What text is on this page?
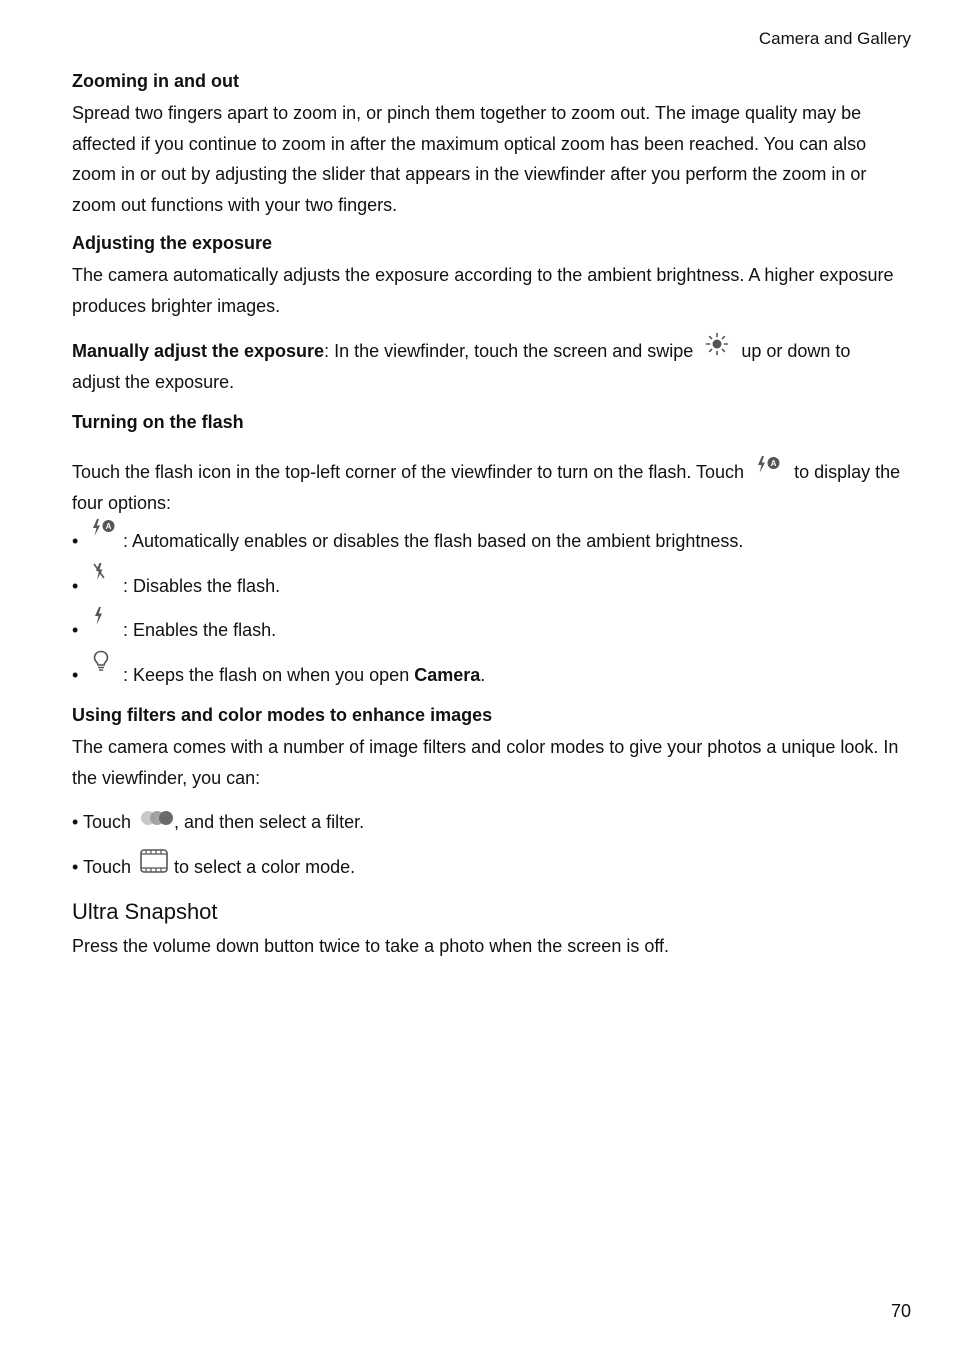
Camera and Gallery
Zooming in and out

Spread two fingers apart to zoom in, or pinch them together to zoom out. The image quality may be affected if you continue to zoom in after the maximum optical zoom has been reached. You can also zoom in or out by adjusting the slider that appears in the viewfinder after you perform the zoom in or zoom out functions with your two fingers.

Adjusting the exposure

The camera automatically adjusts the exposure according to the ambient brightness. A higher exposure produces brighter images.

Manually adjust the exposure: In the viewfinder, touch the screen and swipe	up or down to adjust the exposure.

Turning on the flash

Touch the flash icon in the top-left corner of the viewfinder to turn on the flash. Touch	A to display the four options:

•
A
: Automatically enables or disables the flash based on the ambient brightness.
• : Disables the flash.
• : Enables the flash.
• : Keeps the flash on when you open Camera.
Using filters and color modes to enhance images

The camera comes with a number of image filters and color modes to give your photos a unique look. In the viewfinder, you can:

• Touch , and then select a filter.
• Touch to select a color mode.
Ultra Snapshot

Press the volume down button twice to take a photo when the screen is off.

70
